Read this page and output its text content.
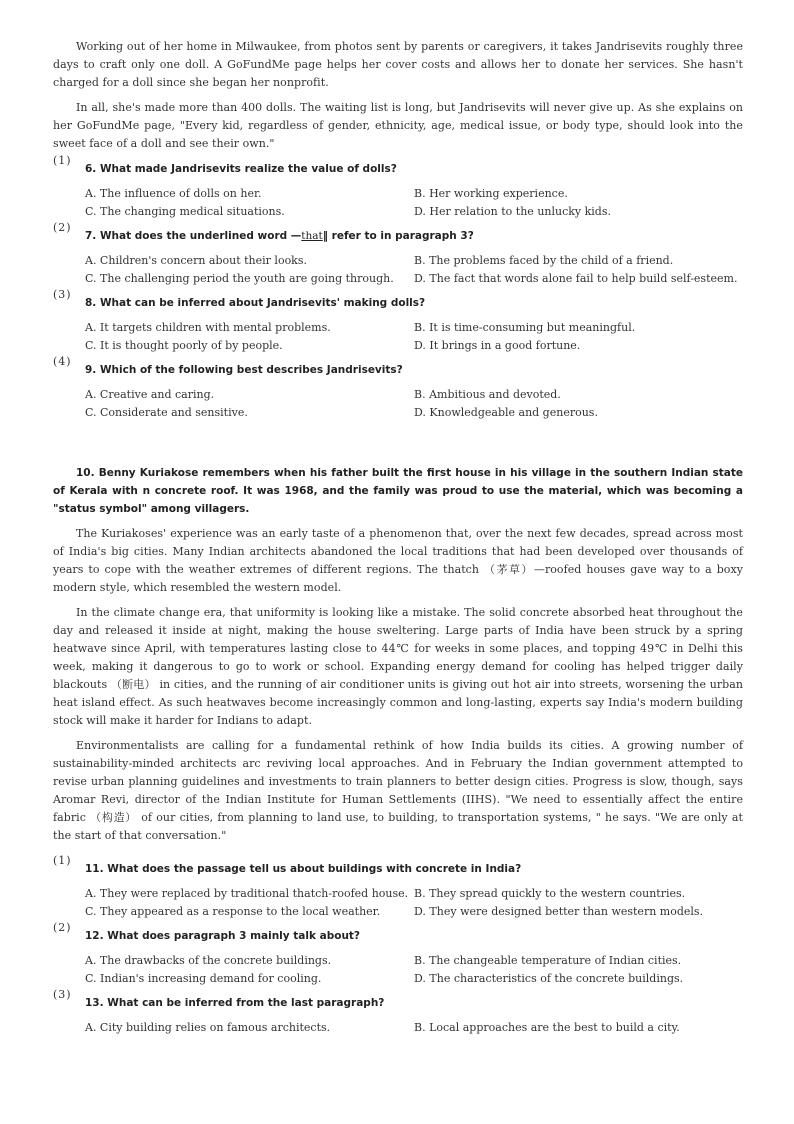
Working out of her home in Milwaukee, from photos sent by parents or caregivers, it takes Jandrisevits roughly three days to craft only one doll. A GoFundMe page helps her cover costs and allows her to donate her services. She hasn't charged for a doll since she began her nonprofit.

In all, she's made more than 400 dolls. The waiting list is long, but Jandrisevits will never give up. As she explains on her GoFundMe page, "Every kid, regardless of gender, ethnicity, age, medical issue, or body type, should look into the sweet face of a doll and see their own."

(1)
6. What made Jandrisevits realize the value of dolls?
A. The influence of dolls on her.	B. Her working experience.
C. The changing medical situations.	D. Her relation to the unlucky kids.
(2)
7. What does the underlined word —that‖ refer to in paragraph 3?
A. Children's concern about their looks.	B. The problems faced by the child of a friend.
C. The challenging period the youth are going through.	D. The fact that words alone fail to help build self-esteem.
(3)
8. What can be inferred about Jandrisevits' making dolls?
A. It targets children with mental problems.	B. It is time-consuming but meaningful.
C. It is thought poorly of by people.	D. It brings in a good fortune.
(4)
9. Which of the following best describes Jandrisevits?
A. Creative and caring.	B. Ambitious and devoted.
C. Considerate and sensitive.	D. Knowledgeable and generous.

10. Benny Kuriakose remembers when his father built the first house in his village in the southern Indian state of Kerala with n concrete roof. It was 1968, and the family was proud to use the material, which was becoming a "status symbol" among villagers.

The Kuriakoses' experience was an early taste of a phenomenon that, over the next few decades, spread across most of India's big cities. Many Indian architects abandoned the local traditions that had been developed over thousands of years to cope with the weather extremes of different regions. The thatch （茅草）—roofed houses gave way to a boxy modern style, which resembled the western model.

In the climate change era, that uniformity is looking like a mistake. The solid concrete absorbed heat throughout the day and released it inside at night, making the house sweltering. Large parts of India have been struck by a spring heatwave since April, with temperatures lasting close to 44℃ for weeks in some places, and topping 49℃ in Delhi this week, making it dangerous to go to work or school. Expanding energy demand for cooling has helped trigger daily blackouts （断电） in cities, and the running of air conditioner units is giving out hot air into streets, worsening the urban heat island effect. As such heatwaves become increasingly common and long-lasting, experts say India's modern building stock will make it harder for Indians to adapt.

Environmentalists are calling for a fundamental rethink of how India builds its cities. A growing number of sustainability-minded architects arc reviving local approaches. And in February the Indian government attempted to revise urban planning guidelines and investments to train planners to better design cities. Progress is slow, though, says Aromar Revi, director of the Indian Institute for Human Settlements (IIHS). "We need to essentially affect the entire fabric （构造） of our cities, from planning to land use, to building, to transportation systems, " he says. "We are only at the start of that conversation."

(1)
11. What does the passage tell us about buildings with concrete in India?
A. They were replaced by traditional thatch-roofed house. B. They spread quickly to the western countries.
C. They appeared as a response to the local weather.	D. They were designed better than western models.
(2)
12. What does paragraph 3 mainly talk about?
A. The drawbacks of the concrete buildings.	B. The changeable temperature of Indian cities.
C. Indian's increasing demand for cooling.	D. The characteristics of the concrete buildings.
(3)
13. What can be inferred from the last paragraph?
A. City building relies on famous architects.	B. Local approaches are the best to build a city.
